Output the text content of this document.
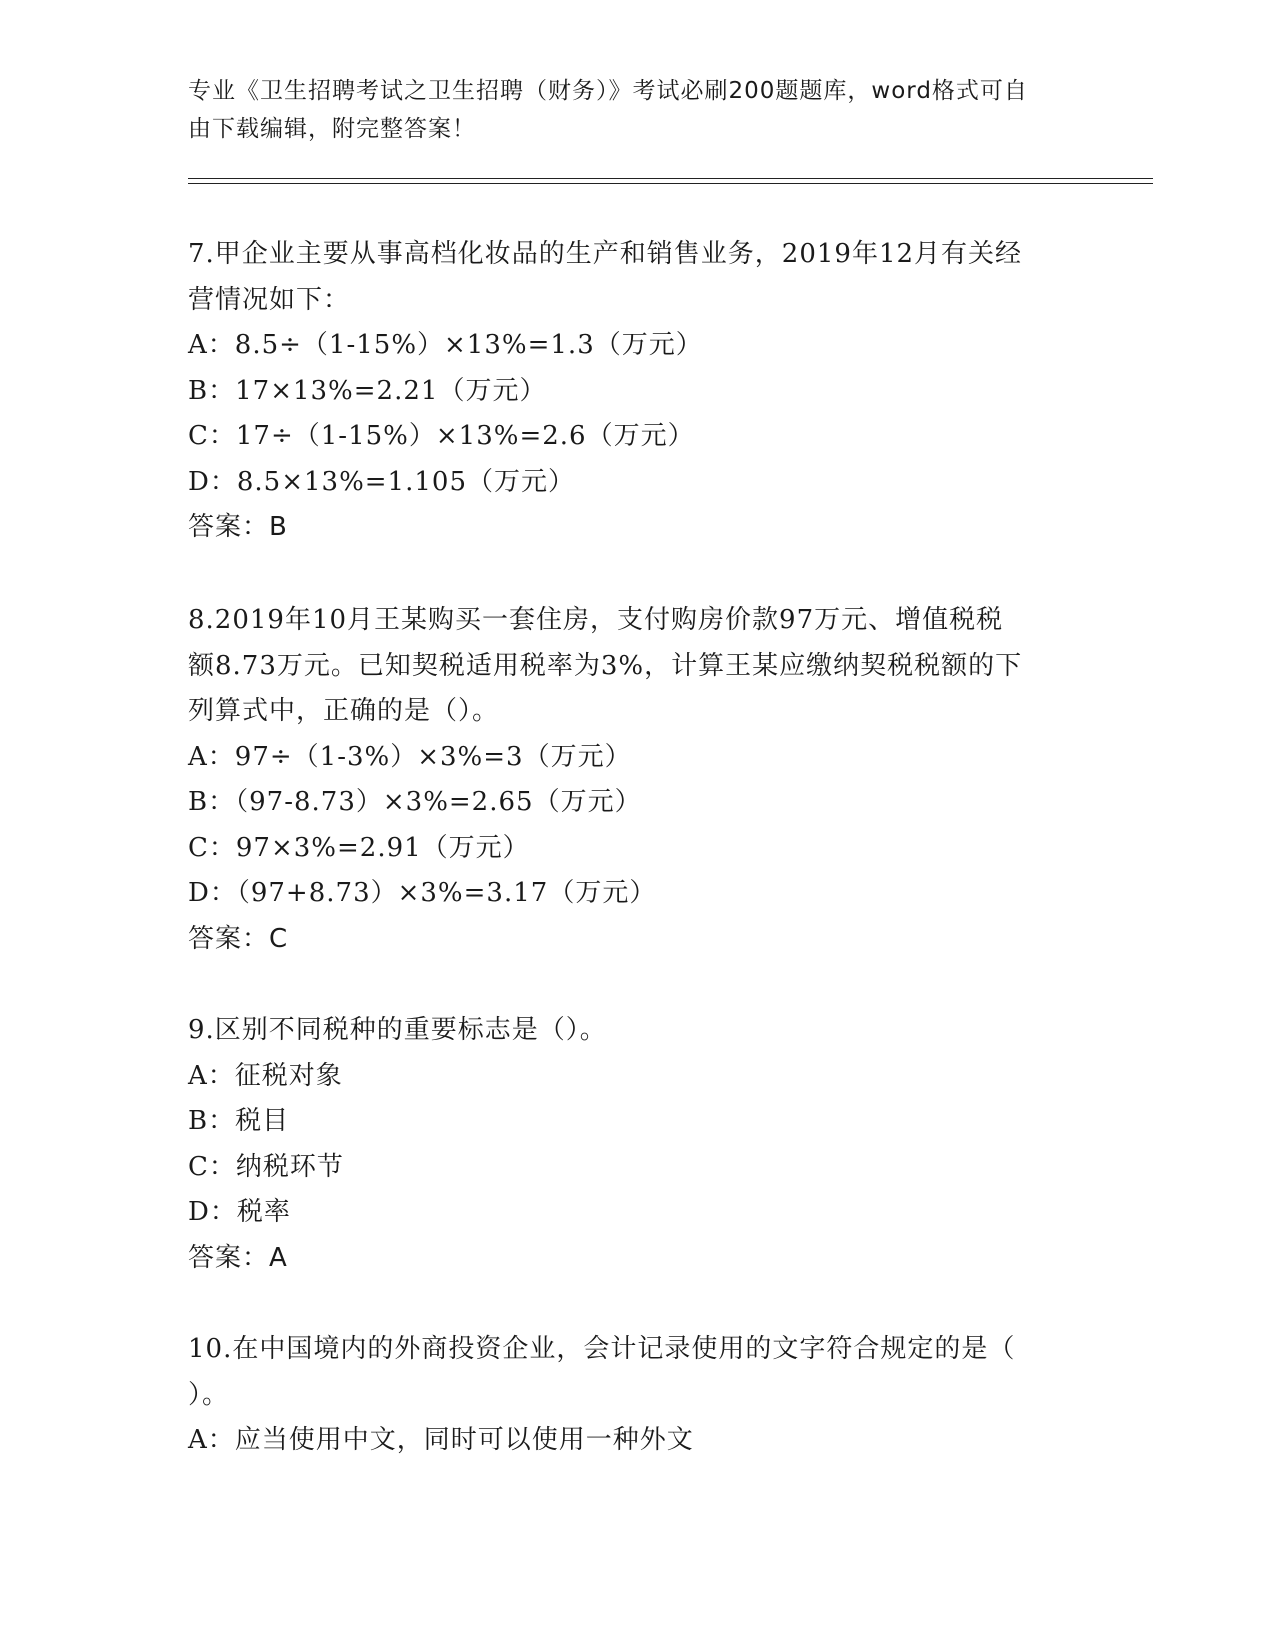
专业《卫生招聘考试之卫生招聘（财务）》考试必刷200题题库，word格式可自
由下载编辑，附完整答案！
7.甲企业主要从事高档化妆品的生产和销售业务，2019年12月有关经
营情况如下：
A：8.5÷（1-15%）×13%=1.3（万元）
B：17×13%=2.21（万元）
C：17÷（1-15%）×13%=2.6（万元）
D：8.5×13%=1.105（万元）
答案：B
8.2019年10月王某购买一套住房，支付购房价款97万元、增值税税
额8.73万元。已知契税适用税率为3%，计算王某应缴纳契税税额的下
列算式中，正确的是（）。
A：97÷（1-3%）×3%=3（万元）
B：（97-8.73）×3%=2.65（万元）
C：97×3%=2.91（万元）
D：（97+8.73）×3%=3.17（万元）
答案：C
9.区别不同税种的重要标志是（）。
A：征税对象
B：税目
C：纳税环节
D：税率
答案：A
10.在中国境内的外商投资企业，会计记录使用的文字符合规定的是（
）。
A：应当使用中文，同时可以使用一种外文
